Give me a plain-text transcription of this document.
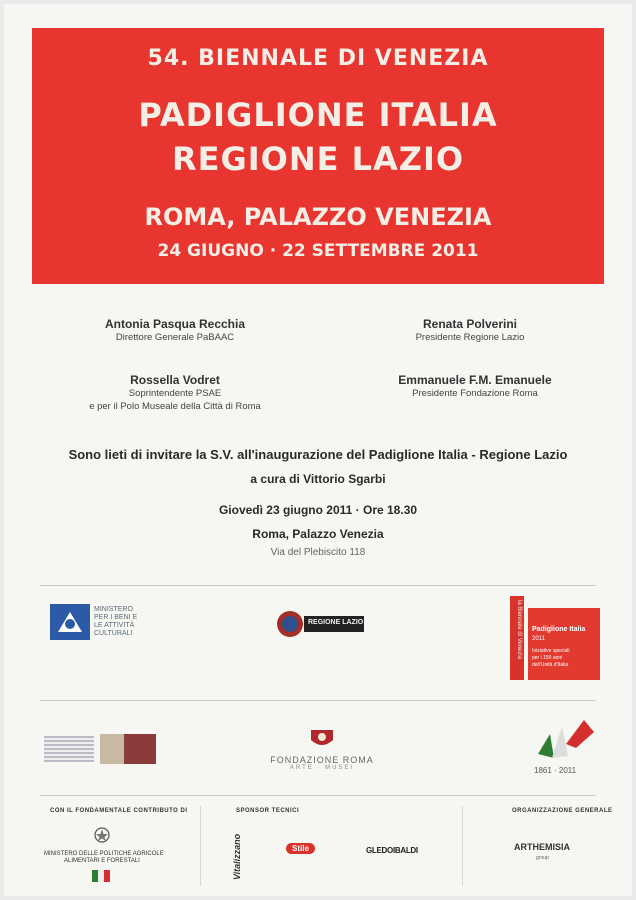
54. BIENNALE DI VENEZIA
PADIGLIONE ITALIA
REGIONE LAZIO
ROMA, PALAZZO VENEZIA
24 GIUGNO · 22 SETTEMBRE 2011
Antonia Pasqua Recchia
Direttore Generale PaBAAC
Renata Polverini
Presidente Regione Lazio
Rossella Vodret
Soprintendente PSAE
e per il Polo Museale della Città di Roma
Emmanuele F.M. Emanuele
Presidente Fondazione Roma
Sono lieti di invitare la S.V. all'inaugurazione del Padiglione Italia - Regione Lazio
a cura di Vittorio Sgarbi
Giovedì 23 giugno 2011 · Ore 18.30
Roma, Palazzo Venezia
Via del Plebiscito 118
MINISTERO PER I BENI E LE ATTIVITÀ CULTURALI
REGIONE LAZIO	la Biennale di Venezia Padiglione Italia
2011
Iniziative speciali
per i 150 anni
dell'Unità d'Italia
FONDAZIONE ROMA
ARTE · MUSEI	1861 · 2011
CON IL FONDAMENTALE CONTRIBUTO DI
MINISTERO DELLE POLITICHE AGRICOLE
ALIMENTARI E FORESTALI
SPONSOR TECNICI
Vitalizzano	Stile	GLEDOIBALDI
ORGANIZZAZIONE GENERALE
ARTHEMISIA
group
